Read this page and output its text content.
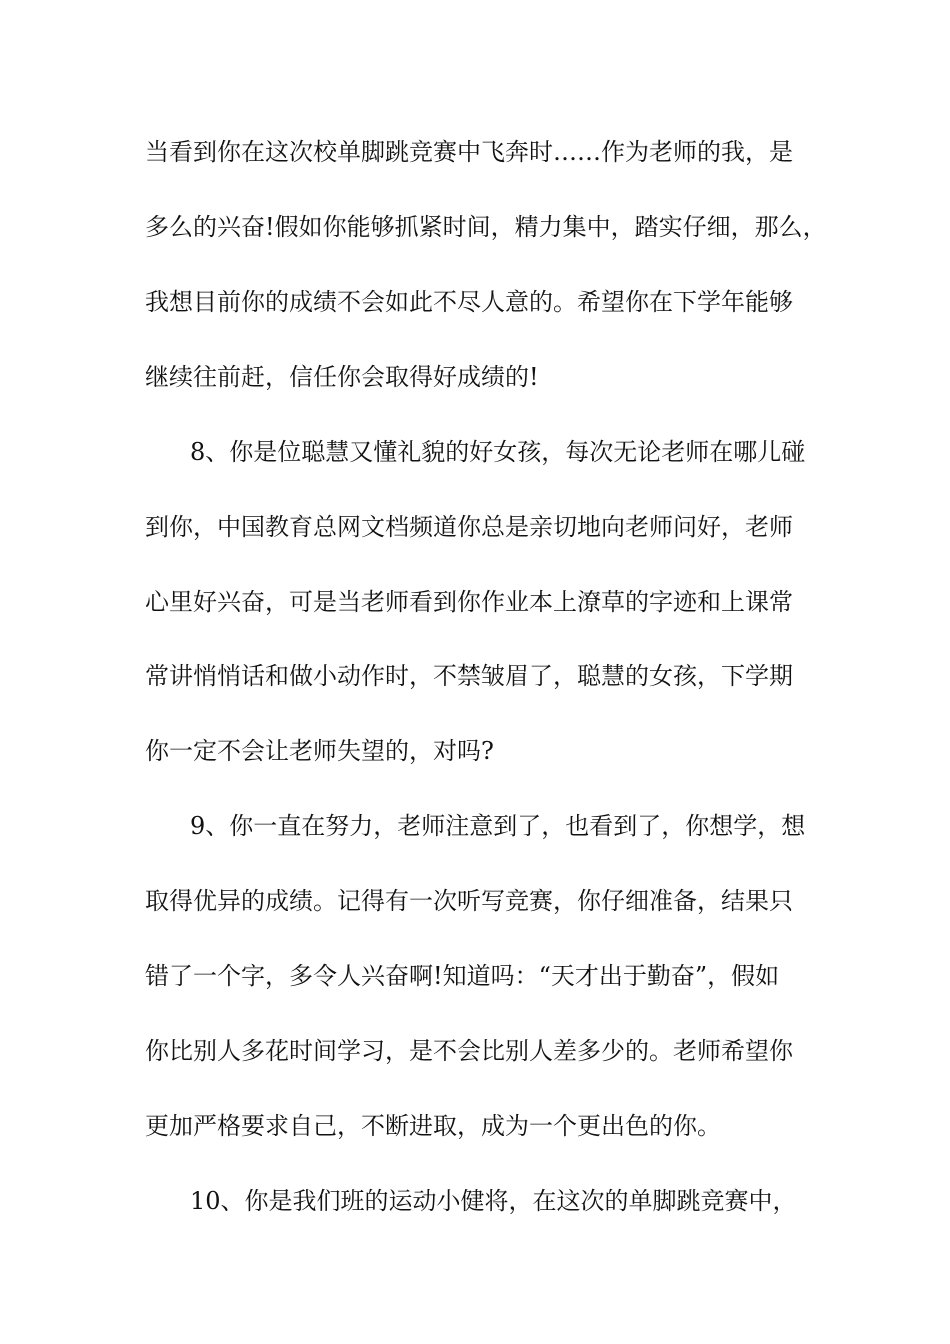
当看到你在这次校单脚跳竞赛中飞奔时……作为老师的我，是
多么的兴奋!假如你能够抓紧时间，精力集中，踏实仔细，那么，
我想目前你的成绩不会如此不尽人意的。希望你在下学年能够
继续往前赶，信任你会取得好成绩的!
8、你是位聪慧又懂礼貌的好女孩，每次无论老师在哪儿碰
到你，中国教育总网文档频道你总是亲切地向老师问好，老师
心里好兴奋，可是当老师看到你作业本上潦草的字迹和上课常
常讲悄悄话和做小动作时，不禁皱眉了，聪慧的女孩，下学期
你一定不会让老师失望的，对吗?
9、你一直在努力，老师注意到了，也看到了，你想学，想
取得优异的成绩。记得有一次听写竞赛，你仔细准备，结果只
错了一个字，多令人兴奋啊!知道吗：“天才出于勤奋”，假如
你比别人多花时间学习，是不会比别人差多少的。老师希望你
更加严格要求自己，不断进取，成为一个更出色的你。
10、你是我们班的运动小健将，在这次的单脚跳竞赛中，
